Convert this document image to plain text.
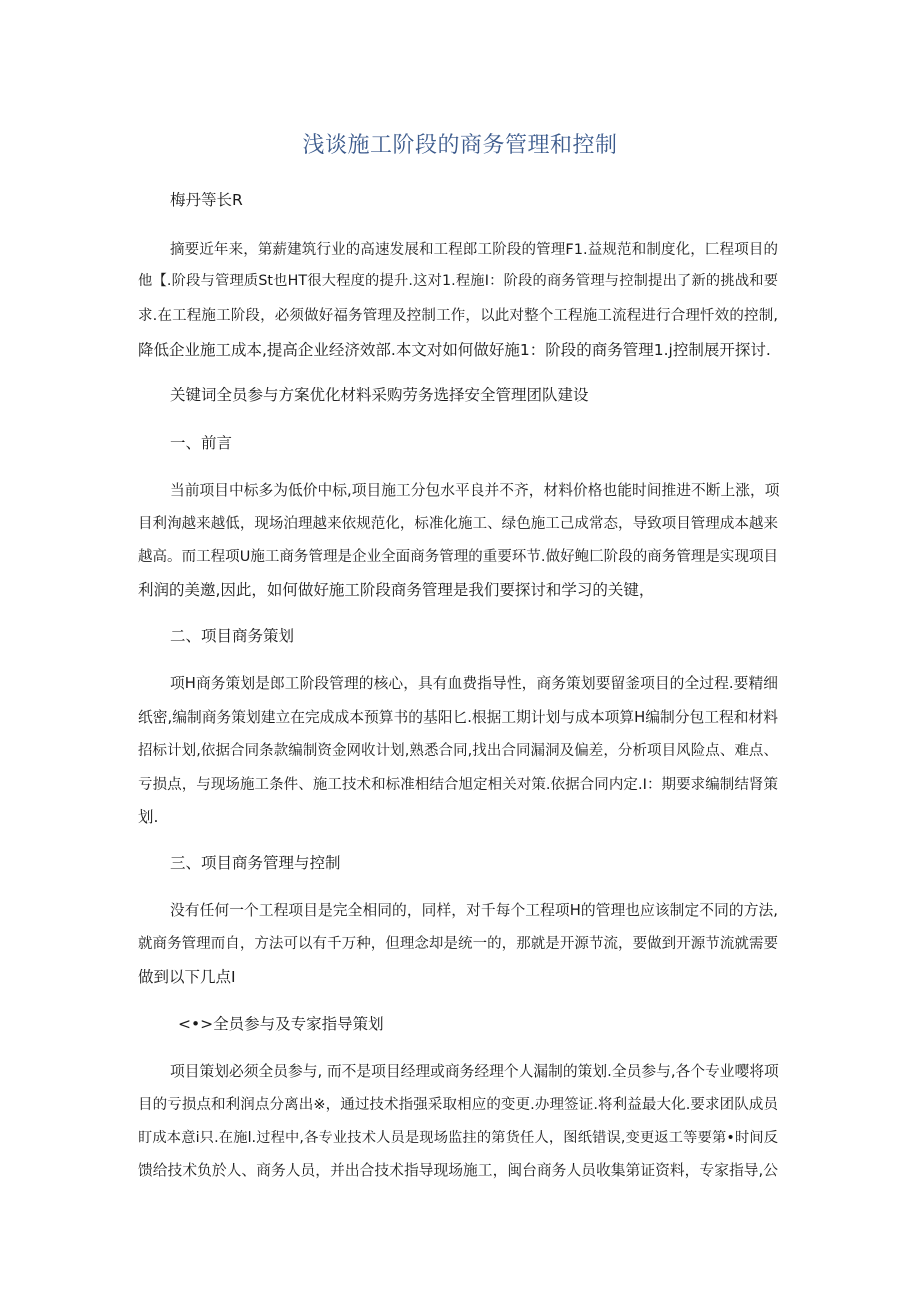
浅谈施工阶段的商务管理和控制
梅丹等长R
摘要近年来，第薪建筑行业的高速发展和工程郎工阶段的管理F1.益规范和制度化，匚程项目的
他【.阶段与管理质St也HT很大程度的提升.这对1.程施I：阶段的商务管理与控制提出了新的挑战和要
求.在工程施工阶段，必须做好福务管理及控制工作，以此对整个工程施工流程进行合理忏效的控制,
降低企业施工成本,提高企业经济效部.本文对如何做好施1：阶段的商务管理1.j控制展开探讨.
关键词全员参与方案优化材料采购劳务选择安全管理团队建设
一、前言
当前项目中标多为低价中标,项目施工分包水平良并不齐，材料价格也能时间推进不断上涨，项
目利洵越来越低，现场泊理越来依规范化，标准化施工、绿色施工己成常态，导致项目管理成本越来
越高。而工程项U施工商务管理是企业全面商务管理的重要环节.做好鲍匚阶段的商务管理是实现项目
利润的美邀,因此，如何做好施工阶段商务管理是我们要探讨和学习的关键，
二、项目商务策划
项H商务策划是郎工阶段管理的核心，具有血费指导性，商务策划要留釜项目的全过程.要精细
纸密,编制商务策划建立在完成成本预算书的基阳匕.根据工期计划与成本项算H编制分包工程和材料
招标计划,依据合同条款编制资金网收计划,熟悉合同,找出合同漏洞及偏差，分析项目风险点、难点、
亏损点，与现场施工条件、施工技术和标准相结合旭定相关对策.依据合同内定.I：期要求编制结肾策
划.
三、项目商务管理与控制
没有任何一个工程项目是完全相同的，同样，对千每个工程项H的管理也应该制定不同的方法,
就商务管理而自，方法可以有千万种，但理念却是统一的，那就是开源节流，要做到开源节流就需要
做到以下几点I
<•>全员参与及专家指导策划
项目策划必须全员参与, 而不是项目经理或商务经理个人漏制的策划.全员参与,各个专业嘤将项
目的亏损点和利润点分离出※，通过技术指强采取相应的变更.办理签证.将利益最大化.要求团队成员
盯成本意i只.在施l.过程中,各专业技术人员是现场监拄的第货任人，图纸错误,变更返工等要第•时间反
馈给技术负於人、商务人员，并出合技术指导现场施工，闽台商务人员收集第证资料，专家指导,公
